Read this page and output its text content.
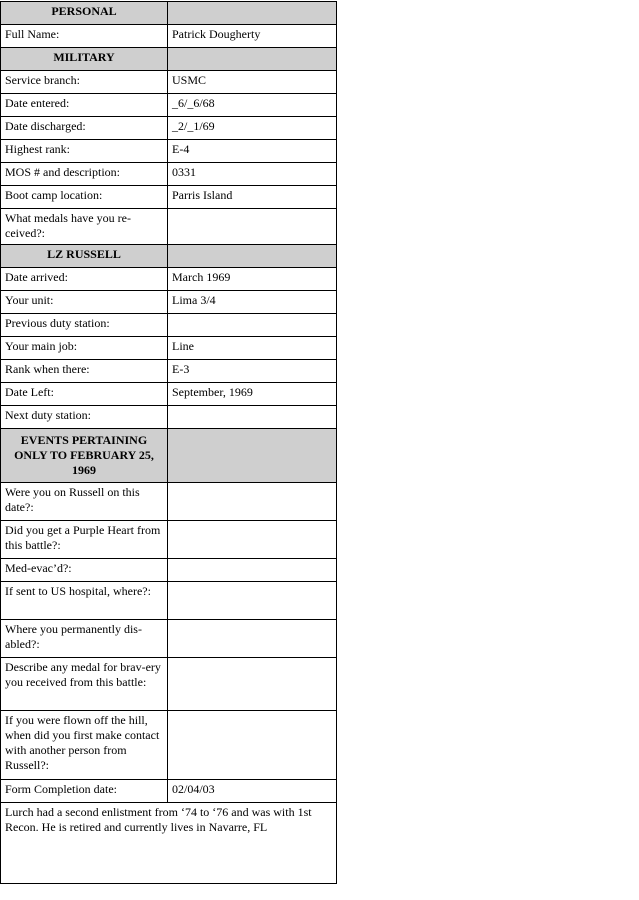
PERSONAL	
Full Name:	Patrick Dougherty
MILITARY	
Service branch:	USMC
Date entered:	_6/_6/68
Date discharged:	_2/_1/69
Highest rank:	E-4
MOS # and description:	0331
Boot camp location:	Parris Island
What medals have you re-ceived?:	
LZ RUSSELL	
Date arrived:	March 1969
Your unit:	Lima 3/4
Previous duty station:	
Your main job:	Line
Rank when there:	E-3
Date Left:	September, 1969
Next duty station:	
EVENTS PERTAINING ONLY TO FEBRUARY 25, 1969	
Were you on Russell on this date?:	
Did you get a Purple Heart from this battle?:	
Med-evac’d?:	
If sent to US hospital, where?:	
Where you permanently dis-abled?:	
Describe any medal for brav-ery you received from this battle:	
If you were flown off the hill, when did you first make contact with another person from Russell?:	
Form Completion date:	02/04/03
Lurch had a second enlistment from ‘74 to ‘76 and was with 1st Recon. He is retired and currently lives in Navarre, FL	
